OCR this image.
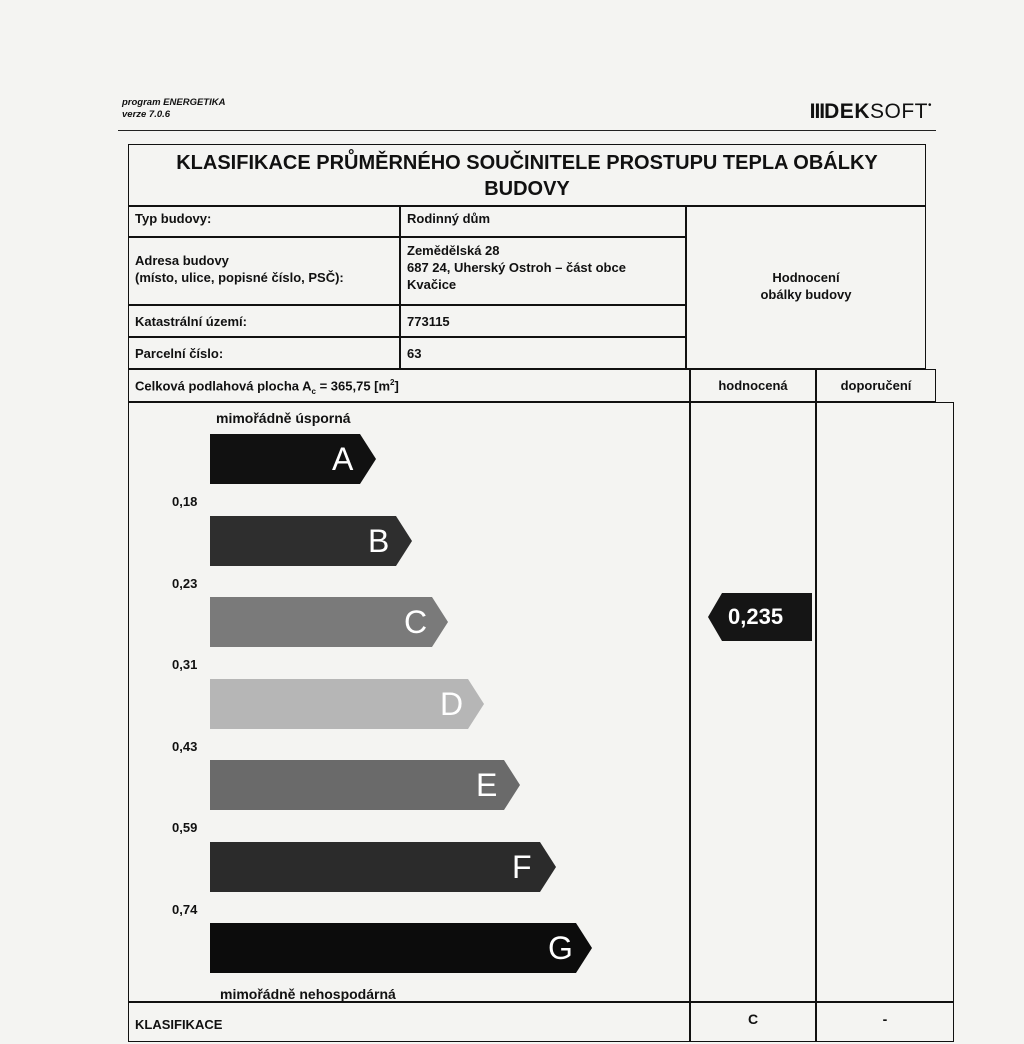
program ENERGETIKA
verze 7.0.6	IIIDEKSOFT•
KLASIFIKACE PRŮMĚRNÉHO SOUČINITELE PROSTUPU TEPLA OBÁLKY
BUDOVY
Typ budovy:	Rodinný dům
Adresa budovy
(místo, ulice, popisné číslo, PSČ):
Zemědělská 28
687 24, Uherský Ostroh – část obce
Kvačice
Katastrální území:	773115
Parcelní číslo:	63
Hodnocení
obálky budovy
Celková podlahová plocha $A_c = 365,75$ $[m^2]$	hodnocená	doporučení
mimořádně úsporná
mimořádně nehospodárná
A
B
C
D
E
F
G
0,18
0,23
0,31
0,43
0,59
0,74
0,235
KLASIFIKACE	C	-
